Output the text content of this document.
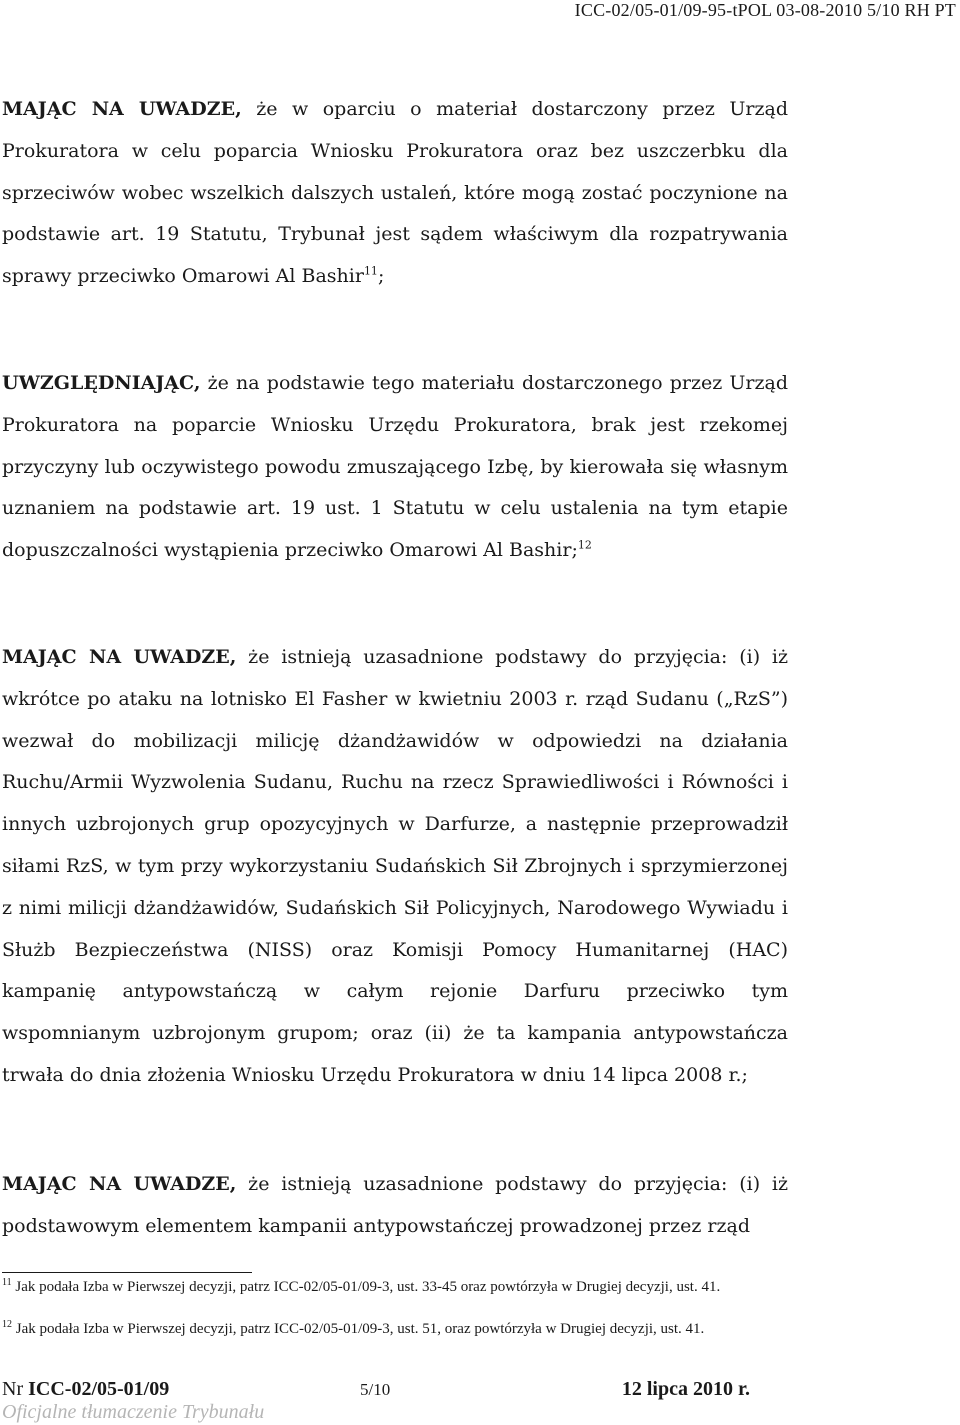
ICC-02/05-01/09-95-tPOL 03-08-2010 5/10 RH PT

MAJĄC NA UWADZE, że w oparciu o materiał dostarczony przez Urząd Prokuratora w celu poparcia Wniosku Prokuratora oraz bez uszczerbku dla sprzeciwów wobec wszelkich dalszych ustaleń, które mogą zostać poczynione na podstawie art. 19 Statutu, Trybunał jest sądem właściwym dla rozpatrywania sprawy przeciwko Omarowi Al Bashir$^{11}$;

UWZGLĘDNIAJĄC, że na podstawie tego materiału dostarczonego przez Urząd Prokuratora na poparcie Wniosku Urzędu Prokuratora, brak jest rzekomej przyczyny lub oczywistego powodu zmuszającego Izbę, by kierowała się własnym uznaniem na podstawie art. 19 ust. 1 Statutu w celu ustalenia na tym etapie dopuszczalności wystąpienia przeciwko Omarowi Al Bashir;$^{12}$

MAJĄC NA UWADZE, że istnieją uzasadnione podstawy do przyjęcia: (i) iż wkrótce po ataku na lotnisko El Fasher w kwietniu 2003 r. rząd Sudanu („RzS”) wezwał do mobilizacji milicję dżandżawidów w odpowiedzi na działania Ruchu/Armii Wyzwolenia Sudanu, Ruchu na rzecz Sprawiedliwości i Równości i innych uzbrojonych grup opozycyjnych w Darfurze, a następnie przeprowadził siłami RzS, w tym przy wykorzystaniu Sudańskich Sił Zbrojnych i sprzymierzonej z nimi milicji dżandżawidów, Sudańskich Sił Policyjnych, Narodowego Wywiadu i Służb Bezpieczeństwa (NISS) oraz Komisji Pomocy Humanitarnej (HAC) kampanię antypowstańczą w całym rejonie Darfuru przeciwko tym wspomnianym uzbrojonym grupom; oraz (ii) że ta kampania antypowstańcza trwała do dnia złożenia Wniosku Urzędu Prokuratora w dniu 14 lipca 2008 r.;

MAJĄC NA UWADZE, że istnieją uzasadnione podstawy do przyjęcia: (i) iż podstawowym elementem kampanii antypowstańczej prowadzonej przez rząd

$^{11}$ Jak podała Izba w Pierwszej decyzji, patrz ICC-02/05-01/09-3, ust. 33-45 oraz powtórzyła w Drugiej decyzji, ust. 41.
$^{12}$ Jak podała Izba w Pierwszej decyzji, patrz ICC-02/05-01/09-3, ust. 51, oraz powtórzyła w Drugiej decyzji, ust. 41.
Nr ICC-02/05-01/09	5/10	12 lipca 2010 r.
Oficjalne tłumaczenie Trybunału
